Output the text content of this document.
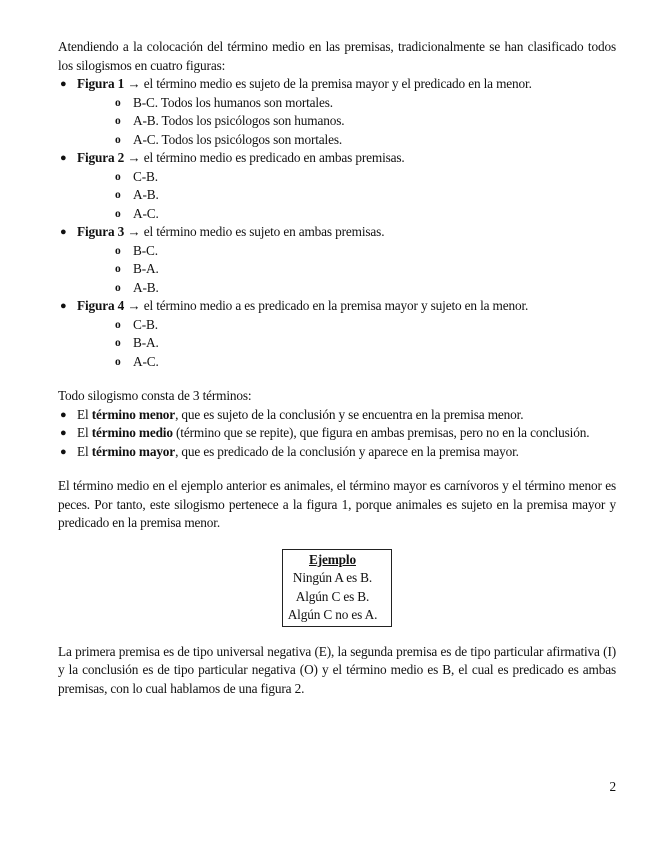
Atendiendo a la colocación del término medio en las premisas, tradicionalmente se han clasificado todos los silogismos en cuatro figuras:

● Figura 1 → el término medio es sujeto de la premisa mayor y el predicado en la menor.
o B-C. Todos los humanos son mortales.
o A-B. Todos los psicólogos son humanos.
o A-C. Todos los psicólogos son mortales.
● Figura 2 → el término medio es predicado en ambas premisas.
o C-B.
o A-B.
o A-C.
● Figura 3 → el término medio es sujeto en ambas premisas.
o B-C.
o B-A.
o A-B.
● Figura 4 → el término medio a es predicado en la premisa mayor y sujeto en la menor.
o C-B.
o B-A.
o A-C.

Todo silogismo consta de 3 términos:

● El término menor, que es sujeto de la conclusión y se encuentra en la premisa menor.
● El término medio (término que se repite), que figura en ambas premisas, pero no en la conclusión.
● El término mayor, que es predicado de la conclusión y aparece en la premisa mayor.

El término medio en el ejemplo anterior es animales, el término mayor es carnívoros y el término menor es peces. Por tanto, este silogismo pertenece a la figura 1, porque animales es sujeto en la premisa mayor y predicado en la premisa menor.

Ejemplo
Ningún A es B.
Algún C es B.
Algún C no es A.

La primera premisa es de tipo universal negativa (E), la segunda premisa es de tipo particular afirmativa (I) y la conclusión es de tipo particular negativa (O) y el término medio es B, el cual es predicado es ambas premisas, con lo cual hablamos de una figura 2.

2
